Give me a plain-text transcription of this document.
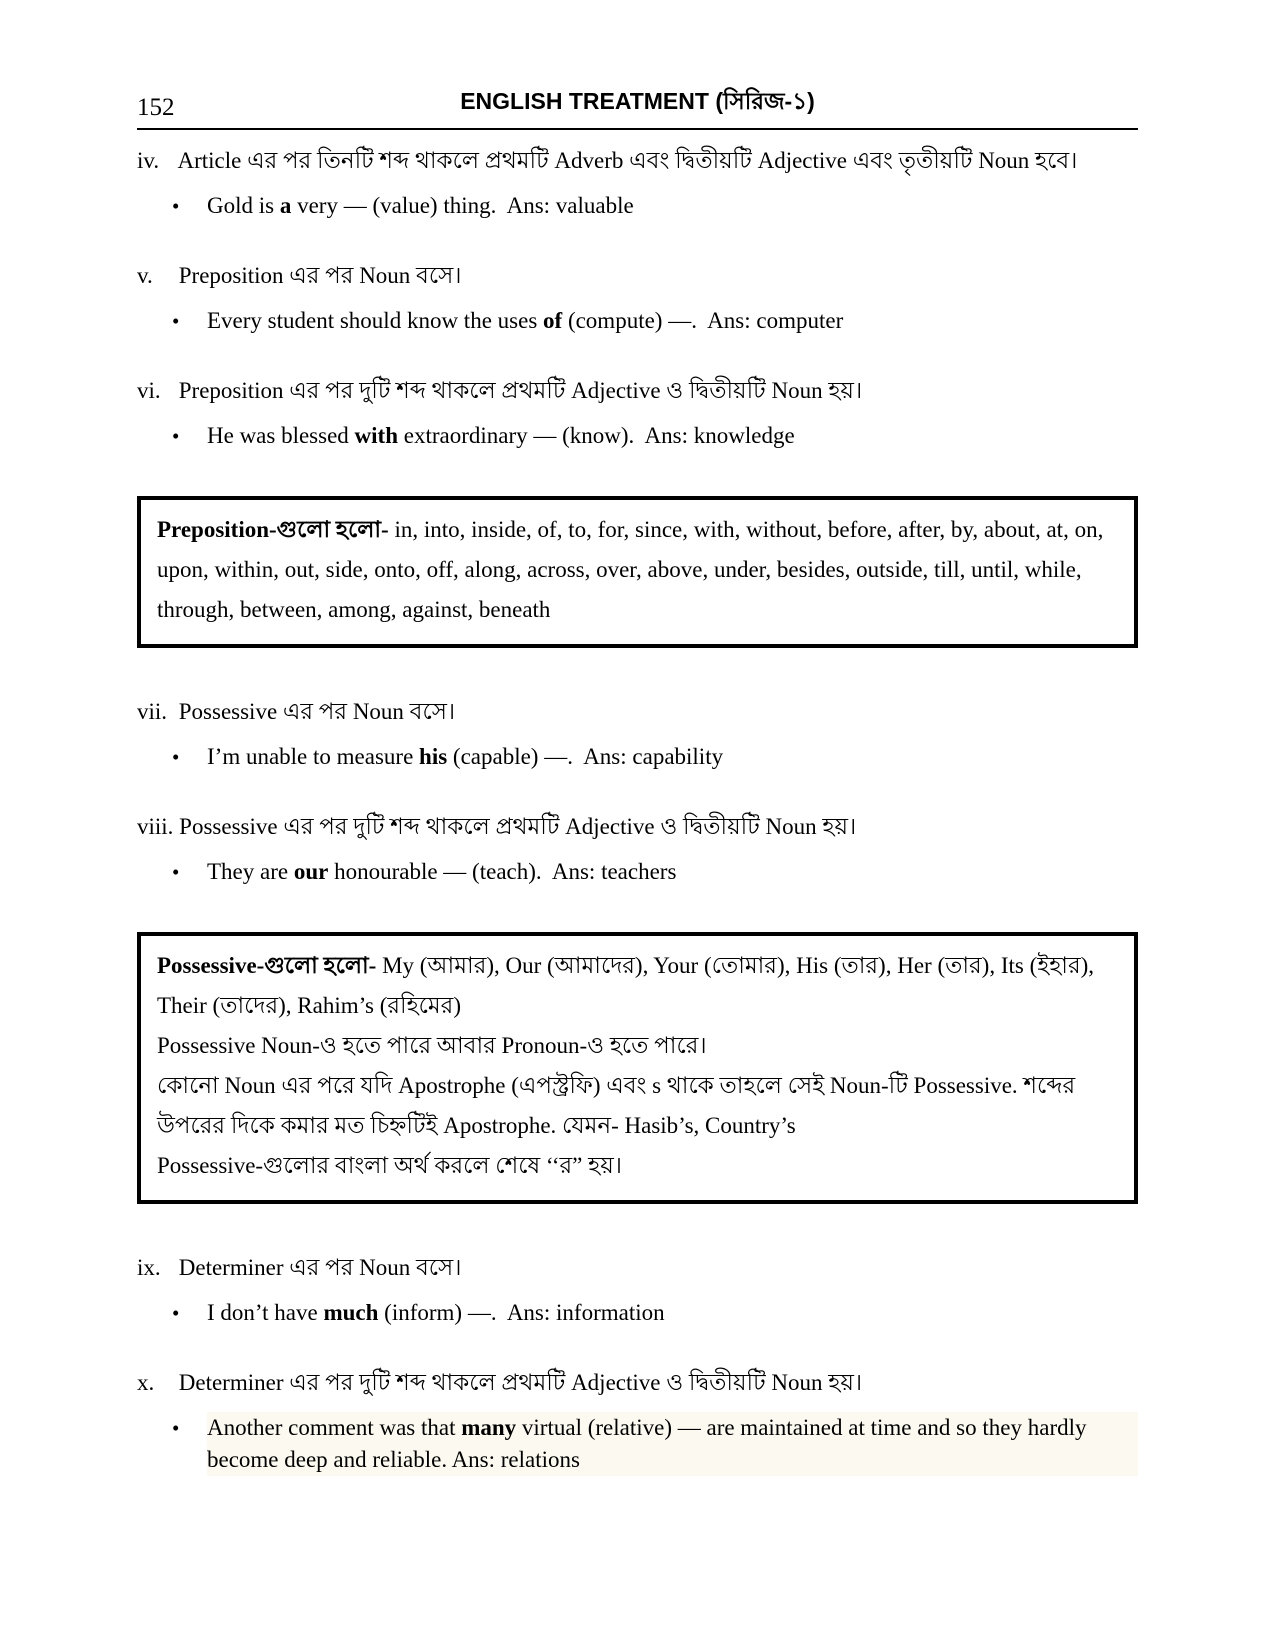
152	ENGLISH TREATMENT (সিরিজ-১)
iv. Article এর পর তিনটি শব্দ থাকলে প্রথমটি Adverb এবং দ্বিতীয়টি Adjective এবং তৃতীয়টি Noun হবে।
•	Gold is a very — (value) thing.  Ans: valuable
v. Preposition এর পর Noun বসে।
•	Every student should know the uses of (compute) —.  Ans: computer
vi. Preposition এর পর দুটি শব্দ থাকলে প্রথমটি Adjective ও দ্বিতীয়টি Noun হয়।
•	He was blessed with extraordinary — (know).  Ans: knowledge

Preposition-গুলো হলো- in, into, inside, of, to, for, since, with, without, before, after, by, about, at, on, upon, within, out, side, onto, off, along, across, over, above, under, besides, outside, till, until, while, through, between, among, against, beneath

vii. Possessive এর পর Noun বসে।
•	I’m unable to measure his (capable) —.  Ans: capability
viii. Possessive এর পর দুটি শব্দ থাকলে প্রথমটি Adjective ও দ্বিতীয়টি Noun হয়।
•	They are our honourable — (teach).  Ans: teachers

Possessive-গুলো হলো- My (আমার), Our (আমাদের), Your (তোমার), His (তার), Her (তার), Its (ইহার), Their (তাদের), Rahim’s (রহিমের)

Possessive Noun-ও হতে পারে আবার Pronoun-ও হতে পারে।

কোনো Noun এর পরে যদি Apostrophe (এপস্ট্রফি) এবং s থাকে তাহলে সেই Noun-টি Possessive. শব্দের উপরের দিকে কমার মত চিহ্নটিই Apostrophe. যেমন- Hasib’s, Country’s

Possessive-গুলোর বাংলা অর্থ করলে শেষে ‘‘র” হয়।

ix. Determiner এর পর Noun বসে।
•	I don’t have much (inform) —.  Ans: information
x. Determiner এর পর দুটি শব্দ থাকলে প্রথমটি Adjective ও দ্বিতীয়টি Noun হয়।
•	Another comment was that many virtual (relative) — are maintained at time and so they hardly become deep and reliable. Ans: relations
